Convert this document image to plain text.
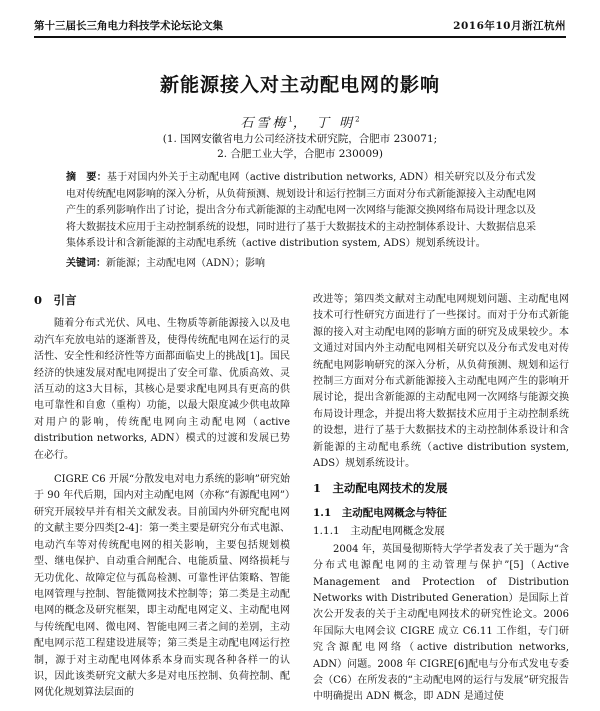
第十三届长三角电力科技学术论坛论文集	2016年10月浙江杭州
新能源接入对主动配电网的影响
石雪梅$^1$， 丁 明$^2$
(1. 国网安徽省电力公司经济技术研究院，合肥市 230071;
2. 合肥工业大学，合肥市 230009)
摘　要：基于对国内外关于主动配电网（active distribution networks, ADN）相关研究以及分布式发电对传统配电网影响的深入分析，从负荷预测、规划设计和运行控制三方面对分布式新能源接入主动配电网产生的系列影响作出了讨论，提出含分布式新能源的主动配电网一次网络与能源交换网络布局设计理念以及将大数据技术应用于主动控制系统的设想，同时进行了基于大数据技术的主动控制体系设计、大数据信息采集体系设计和含新能源的主动配电系统（active distribution system, ADS）规划系统设计。
关键词：新能源；主动配电网（ADN）；影响
0　引言

随着分布式光伏、风电、生物质等新能源接入以及电动汽车充放电站的逐渐普及，使得传统配电网在运行的灵活性、安全性和经济性等方面都面临史上的挑战[1]。国民经济的快速发展对配电网提出了安全可靠、优质高效、灵活互动的这3大目标，其核心是要求配电网具有更高的供电可靠性和自愈（重构）功能，以最大限度减少供电故障对用户的影响，传统配电网向主动配电网（active distribution networks, ADN）模式的过渡和发展已势在必行。

CIGRE C6 开展“分散发电对电力系统的影响”研究始于 90 年代后期，国内对主动配电网（亦称“有源配电网”）研究开展较早并有相关文献发表。目前国内外研究配电网的文献主要分四类[2-4]：第一类主要是研究分布式电源、电动汽车等对传统配电网的相关影响，主要包括规划模型、继电保护、自动重合闸配合、电能质量、网络损耗与无功优化、故障定位与孤岛检测、可靠性评估策略、智能电网管理与控制、智能微网技术控制等；第二类是主动配电网的概念及研究框架，即主动配电网定义、主动配电网与传统配电网、微电网、智能电网三者之间的差别，主动配电网示范工程建设进展等；第三类是主动配电网运行控制，源于对主动配电网体系本身而实现各种各样一的认识，因此该类研究文献大多是对电压控制、负荷控制、配网优化规划算法层面的

改进等；第四类文献对主动配电网规划问题、主动配电网技术可行性研究方面进行了一些探讨。而对于分布式新能源的接入对主动配电网的影响方面的研究及成果较少。本文通过对国内外主动配电网相关研究以及分布式发电对传统配电网影响研究的深入分析，从负荷预测、规划和运行控制三方面对分布式新能源接入主动配电网产生的影响开展讨论，提出含新能源的主动配电网一次网络与能源交换布局设计理念，并提出将大数据技术应用于主动控制系统的设想，进行了基于大数据技术的主动控制体系设计和含新能源的主动配电系统（active distribution system, ADS）规划系统设计。

1　主动配电网技术的发展
1.1　主动配电网概念与特征
1.1.1　主动配电网概念发展

2004 年，英国曼彻斯特大学学者发表了关于题为“含分布式电源配电网的主动管理与保护”[5]（Active Management and Protection of Distribution Networks with Distributed Generation）是国际上首次公开发表的关于主动配电网技术的研究性论文。2006 年国际大电网会议 CIGRE 成立 C6.11 工作组，专门研究含源配电网络（active distribution networks, ADN）问题。2008 年 CIGRE[6]配电与分布式发电专委会（C6）在所发表的“主动配电网的运行与发展”研究报告中明确提出 ADN 概念，即 ADN 是通过使
